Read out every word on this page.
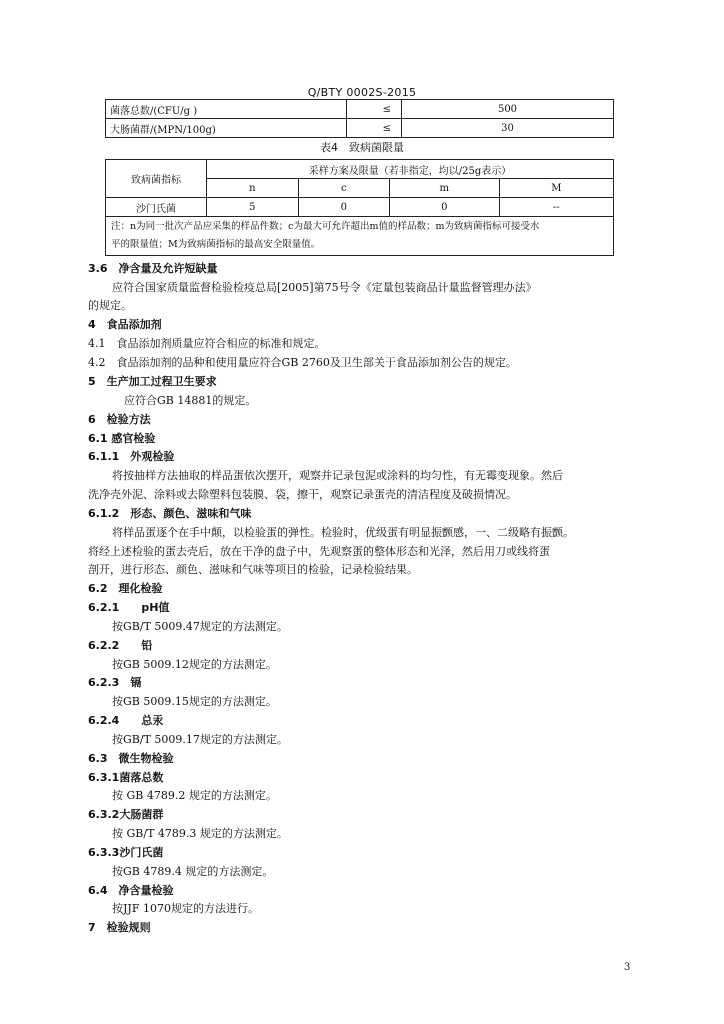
Q/BTY 0002S-2015
菌落总数/(CFU/g )	≤	500
大肠菌群/(MPN/100g)	≤	30
表4　致病菌限量
致病菌指标	采样方案及限量（若非指定，均以/25g表示）			
	n	c	m	M
沙门氏菌	5	0	0	--

注：n为同一批次产品应采集的样品件数；c为最大可允许超出m值的样品数；m为致病菌指标可接受水
平的限量值；M为致病菌指标的最高安全限量值。				
3.6　净含量及允许短缺量
应符合国家质量监督检验检疫总局[2005]第75号令《定量包装商品计量监督管理办法》
的规定。
4　食品添加剂
4.1　食品添加剂质量应符合相应的标准和规定。
4.2　食品添加剂的品种和使用量应符合GB 2760及卫生部关于食品添加剂公告的规定。
5　生产加工过程卫生要求
应符合GB 14881的规定。
6　检验方法
6.1 感官检验
6.1.1　外观检验
将按抽样方法抽取的样品蛋依次摆开，观察并记录包泥或涂料的均匀性，有无霉变现象。然后
洗净壳外泥、涂料或去除塑料包装膜、袋，擦干，观察记录蛋壳的清洁程度及破损情况。
6.1.2　形态、颜色、滋味和气味
将样品蛋逐个在手中颠，以检验蛋的弹性。检验时，优级蛋有明显振颤感，一、二级略有振颤。
将经上述检验的蛋去壳后，放在干净的盘子中，先观察蛋的整体形态和光泽，然后用刀或线将蛋
剖开，进行形态、颜色、滋味和气味等项目的检验，记录检验结果。
6.2　理化检验
6.2.1　　pH值
按GB/T 5009.47规定的方法测定。
6.2.2　　铅
按GB 5009.12规定的方法测定。
6.2.3　镉
按GB 5009.15规定的方法测定。
6.2.4　　总汞
按GB/T 5009.17规定的方法测定。
6.3　微生物检验
6.3.1菌落总数
按 GB 4789.2 规定的方法测定。
6.3.2大肠菌群
按 GB/T 4789.3 规定的方法测定。
6.3.3沙门氏菌
按GB 4789.4 规定的方法测定。
6.4　净含量检验
按JJF 1070规定的方法进行。
7　检验规则
3
